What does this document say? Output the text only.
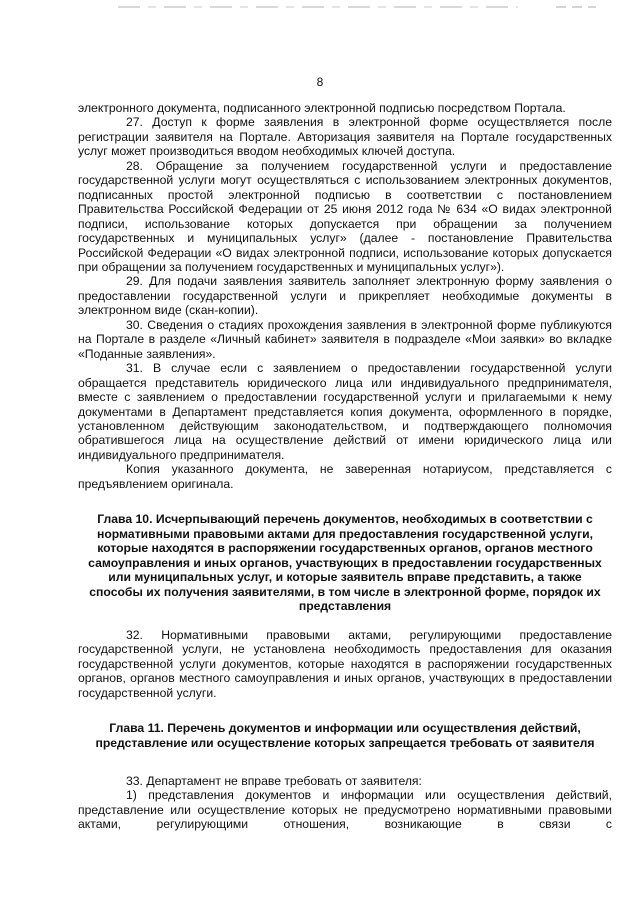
8

электронного документа, подписанного электронной подписью посредством Портала.

27. Доступ к форме заявления в электронной форме осуществляется после регистрации заявителя на Портале. Авторизация заявителя на Портале государственных услуг может производиться вводом необходимых ключей доступа.

28. Обращение за получением государственной услуги и предоставление государственной услуги могут осуществляться с использованием электронных документов, подписанных простой электронной подписью в соответствии с постановлением Правительства Российской Федерации от 25 июня 2012 года № 634 «О видах электронной подписи, использование которых допускается при обращении за получением государственных и муниципальных услуг» (далее - постановление Правительства Российской Федерации «О видах электронной подписи, использование которых допускается при обращении за получением государственных и муниципальных услуг»).

29. Для подачи заявления заявитель заполняет электронную форму заявления о предоставлении государственной услуги и прикрепляет необходимые документы в электронном виде (скан-копии).

30. Сведения о стадиях прохождения заявления в электронной форме публикуются на Портале в разделе «Личный кабинет» заявителя в подразделе «Мои заявки» во вкладке «Поданные заявления».

31. В случае если с заявлением о предоставлении государственной услуги обращается представитель юридического лица или индивидуального предпринимателя, вместе с заявлением о предоставлении государственной услуги и прилагаемыми к нему документами в Департамент представляется копия документа, оформленного в порядке, установленном действующим законодательством, и подтверждающего полномочия обратившегося лица на осуществление действий от имени юридического лица или индивидуального предпринимателя.

Копия указанного документа, не заверенная нотариусом, представляется с предъявлением оригинала.

Глава 10. Исчерпывающий перечень документов, необходимых в соответствии с нормативными правовыми актами для предоставления государственной услуги, которые находятся в распоряжении государственных органов, органов местного самоуправления и иных органов, участвующих в предоставлении государственных или муниципальных услуг, и которые заявитель вправе представить, а также способы их получения заявителями, в том числе в электронной форме, порядок их представления

32. Нормативными правовыми актами, регулирующими предоставление государственной услуги, не установлена необходимость предоставления для оказания государственной услуги документов, которые находятся в распоряжении государственных органов, органов местного самоуправления и иных органов, участвующих в предоставлении государственной услуги.

Глава 11. Перечень документов и информации или осуществления действий, представление или осуществление которых запрещается требовать от заявителя

33. Департамент не вправе требовать от заявителя:

1) представления документов и информации или осуществления действий, представление или осуществление которых не предусмотрено нормативными правовыми актами, регулирующими отношения, возникающие в связи с
